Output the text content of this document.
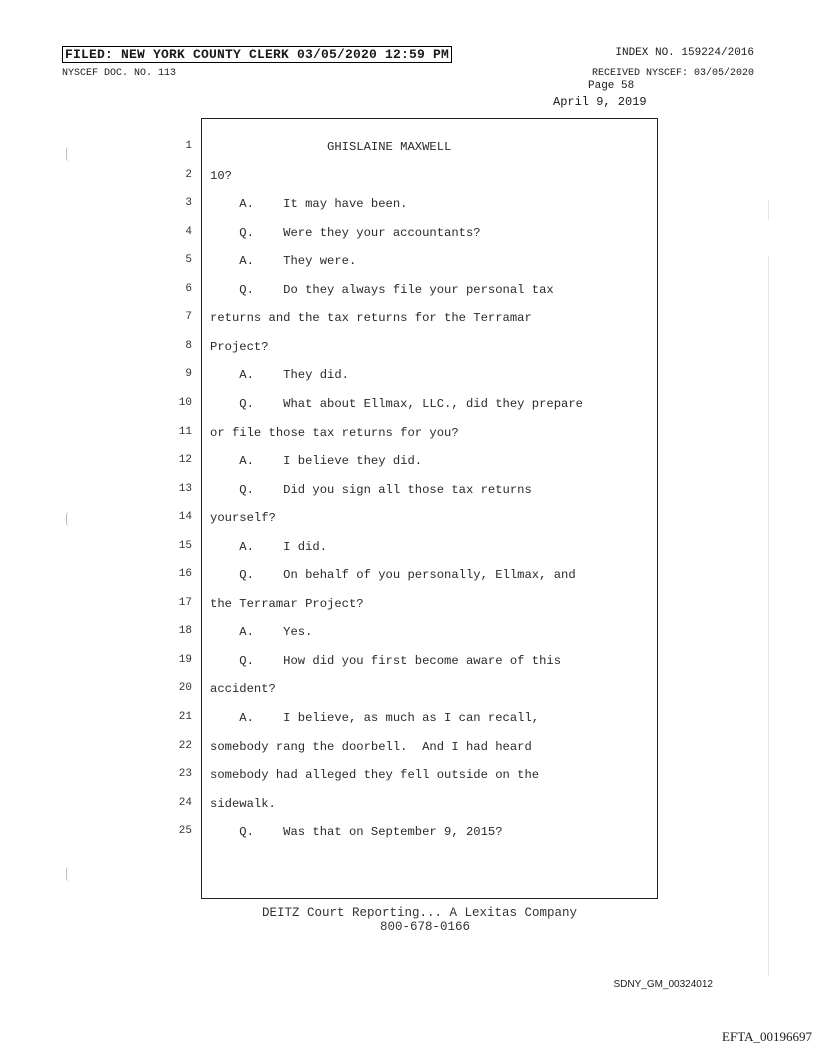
FILED: NEW YORK COUNTY CLERK 03/05/2020 12:59 PM	INDEX NO. 159224/2016
NYSCEF DOC. NO. 113	RECEIVED NYSCEF: 03/05/2020
Page 58
April 9, 2019
1 GHISLAINE MAXWELL
2 10?
3 A.    It may have been.
4 Q.    Were they your accountants?
5 A.    They were.
6 Q.    Do they always file your personal tax
7 returns and the tax returns for the Terramar
8 Project?
9 A.    They did.
10 Q.    What about Ellmax, LLC., did they prepare
11 or file those tax returns for you?
12 A.    I believe they did.
13 Q.    Did you sign all those tax returns
14 yourself?
15 A.    I did.
16 Q.    On behalf of you personally, Ellmax, and
17 the Terramar Project?
18 A.    Yes.
19 Q.    How did you first become aware of this
20 accident?
21 A.    I believe, as much as I can recall,
22 somebody rang the doorbell.  And I had heard
23 somebody had alleged they fell outside on the
24 sidewalk.
25 Q.    Was that on September 9, 2015?
DEITZ Court Reporting... A Lexitas Company
800-678-0166
SDNY_GM_00324012
EFTA_00196697
